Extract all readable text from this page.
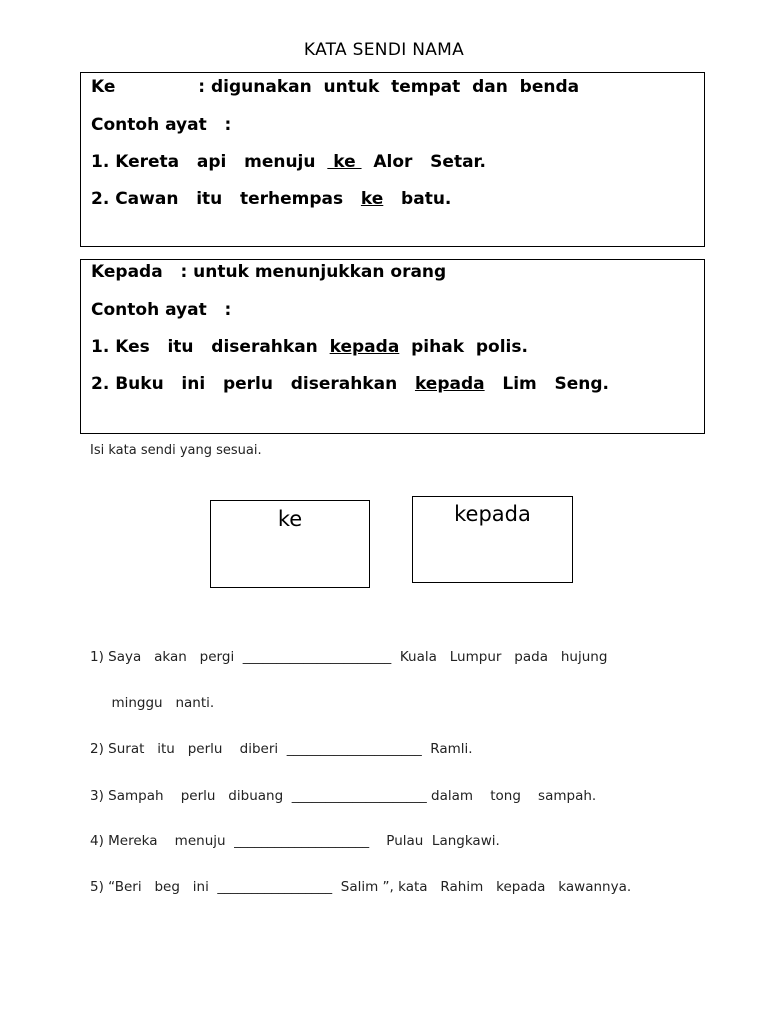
KATA SENDI NAMA
Ke              : digunakan  untuk  tempat  dan  benda
Contoh ayat   :
1. Kereta   api   menuju   ke   Alor   Setar.
2. Cawan   itu   terhempas   ke   batu.
Kepada   : untuk menunjukkan orang
Contoh ayat   :
1. Kes   itu   diserahkan  kepada  pihak  polis.
2. Buku   ini   perlu   diserahkan   kepada   Lim   Seng.
Isi kata sendi yang sesuai.
ke	kepada
1) Saya   akan   pergi  ______________________  Kuala   Lumpur   pada   hujung
minggu   nanti.
2) Surat   itu   perlu    diberi  ____________________  Ramli.
3) Sampah    perlu   dibuang  ____________________ dalam    tong    sampah.
4) Mereka    menuju  ____________________    Pulau  Langkawi.
5) “Beri   beg   ini  _________________  Salim ”, kata   Rahim   kepada   kawannya.
